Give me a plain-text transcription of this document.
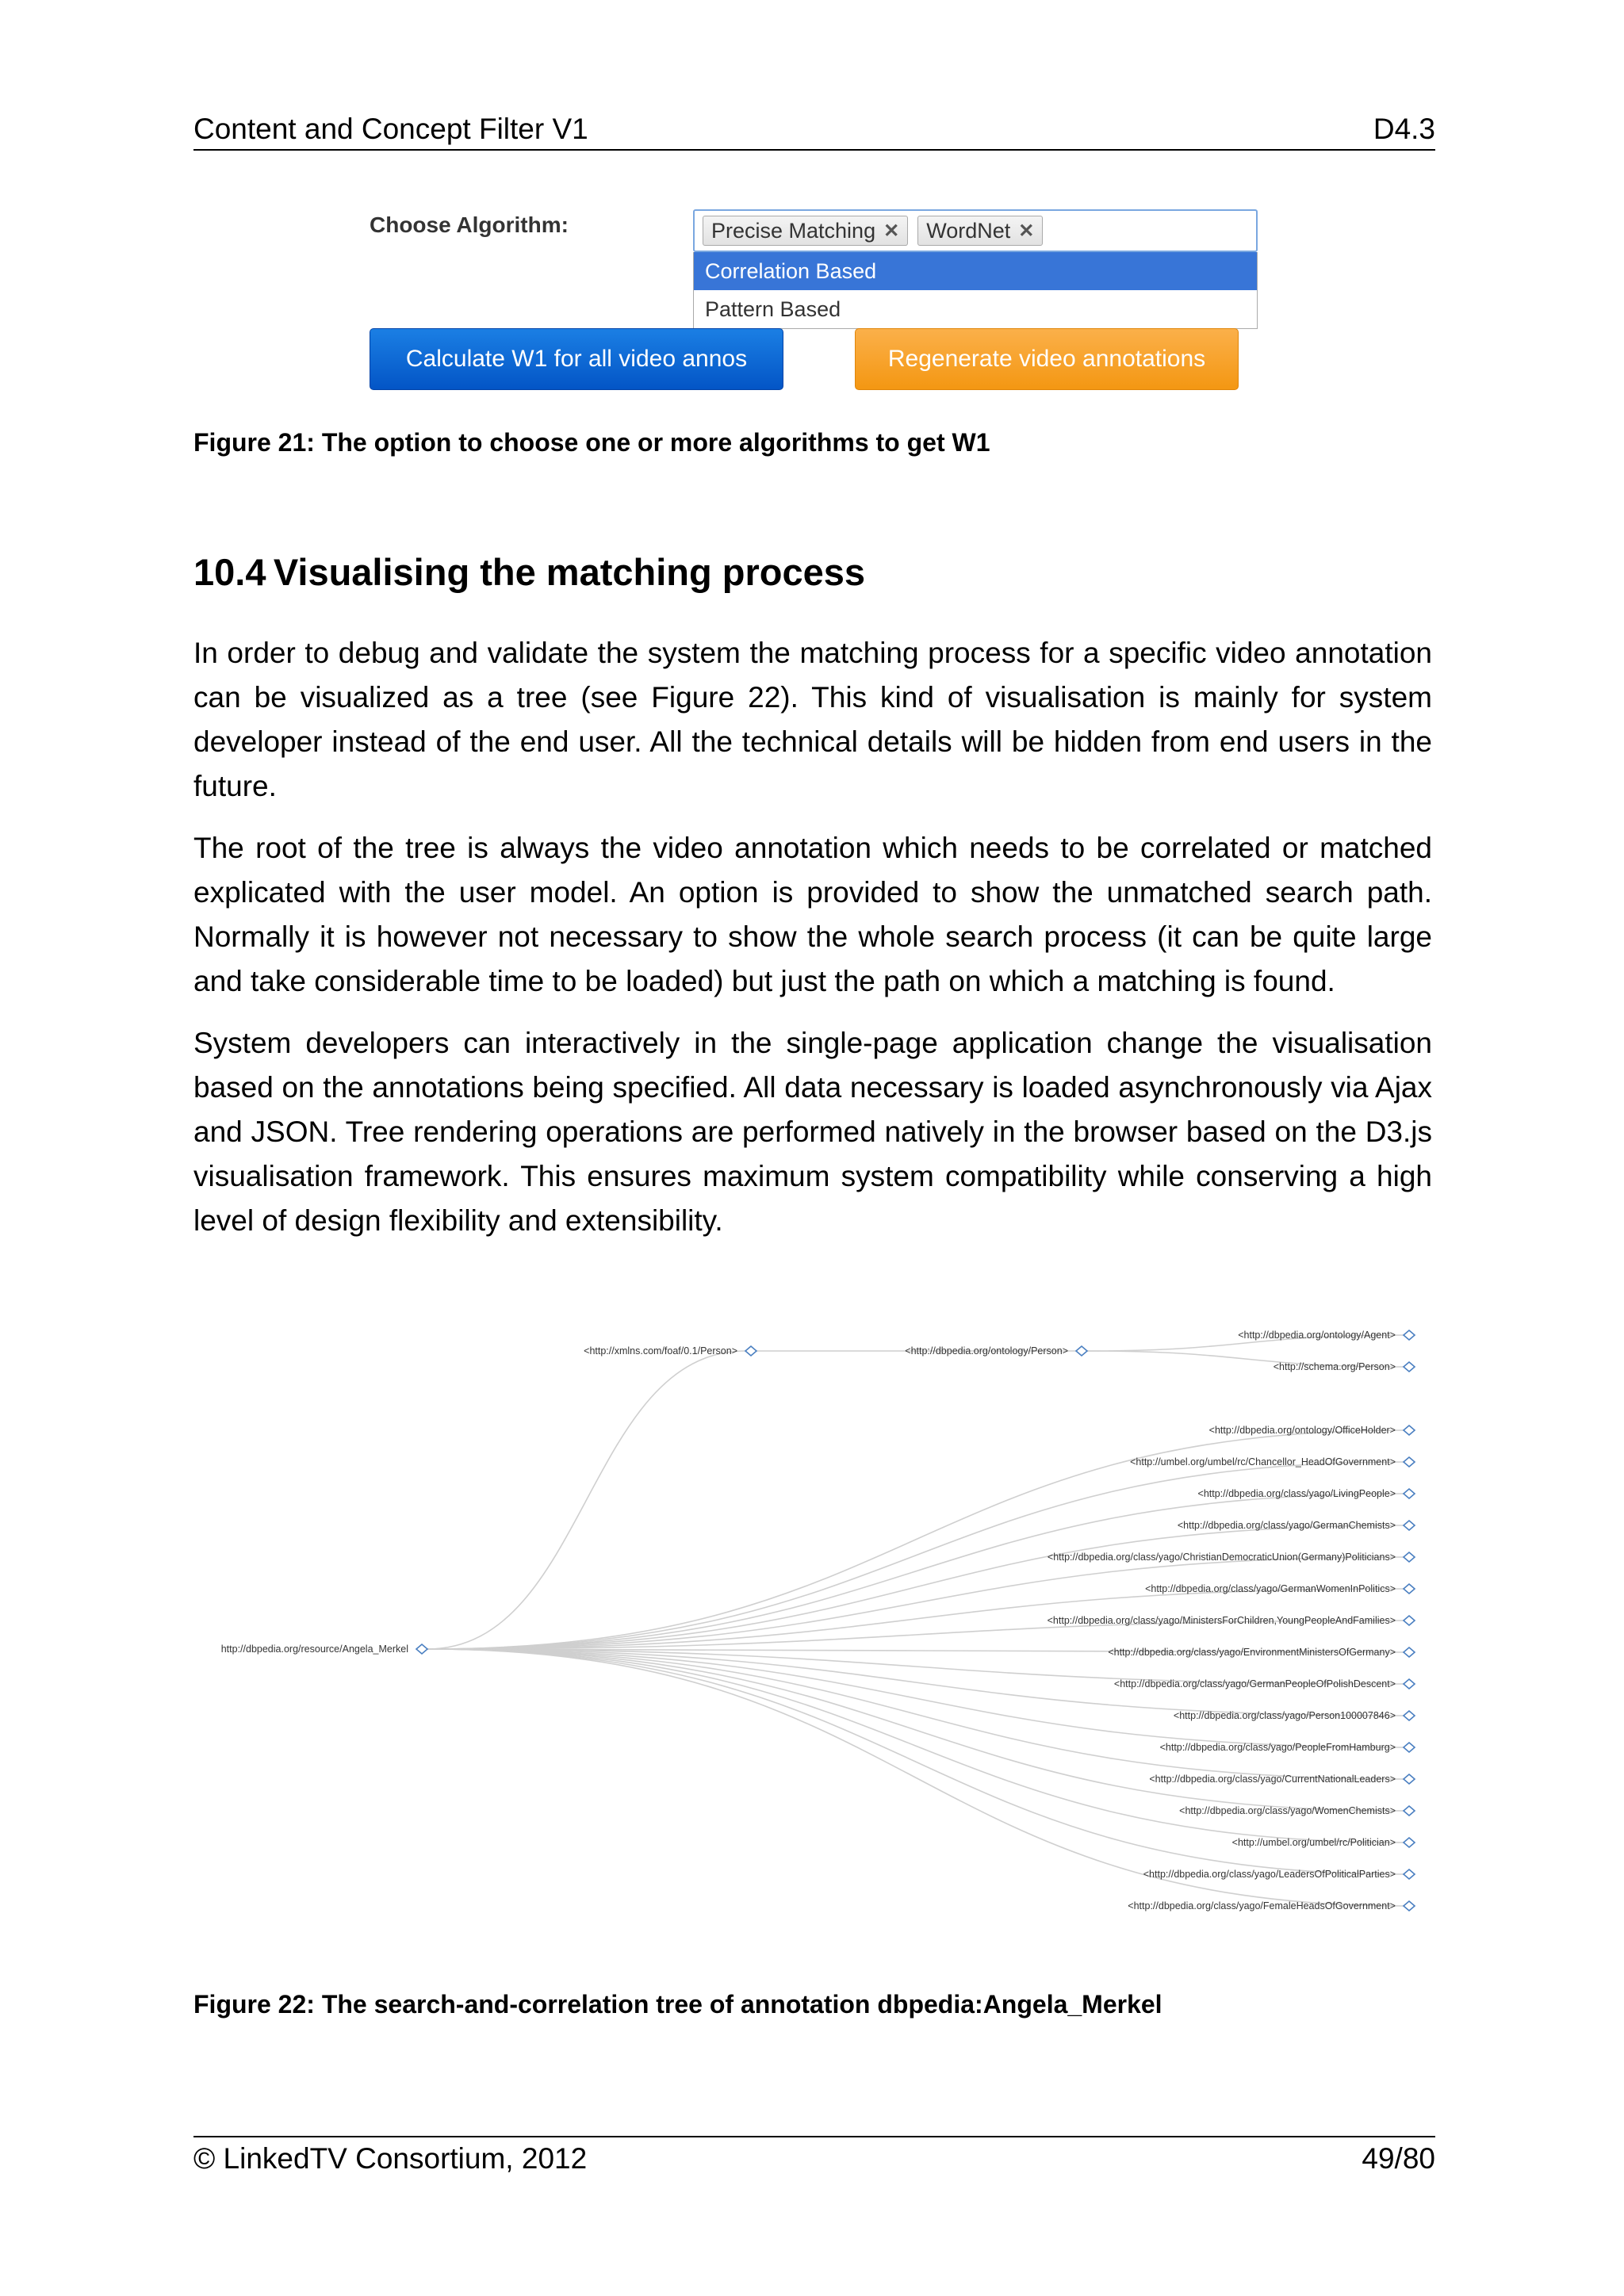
Content and Concept Filter V1	D4.3
Choose Algorithm:	Precise Matching ✕ WordNet ✕
Correlation Based
Pattern Based
Calculate W1 for all video annos	Regenerate video annotations
Figure 21: The option to choose one or more algorithms to get W1
10.4 Visualising the matching process

In order to debug and validate the system the matching process for a specific video annotation can be visualized as a tree (see Figure 22). This kind of visualisation is mainly for system developer instead of the end user. All the technical details will be hidden from end users in the future.

The root of the tree is always the video annotation which needs to be correlated or matched explicated with the user model. An option is provided to show the unmatched search path. Normally it is however not necessary to show the whole search process (it can be quite large and take considerable time to be loaded) but just the path on which a matching is found.

System developers can interactively in the single-page application change the visualisation based on the annotations being specified. All data necessary is loaded asynchronously via Ajax and JSON. Tree rendering operations are performed natively in the browser based on the D3.js visualisation framework. This ensures maximum system compatibility while conserving a high level of design flexibility and extensibility.

http://dbpedia.org/resource/Angela_Merkel
<http://xmlns.com/foaf/0.1/Person>	<http://dbpedia.org/ontology/Person>
<http://dbpedia.org/ontology/Agent>
<http://schema.org/Person>
<http://dbpedia.org/ontology/OfficeHolder>
<http://umbel.org/umbel/rc/Chancellor_HeadOfGovernment>
<http://dbpedia.org/class/yago/LivingPeople>
<http://dbpedia.org/class/yago/GermanChemists>
<http://dbpedia.org/class/yago/ChristianDemocraticUnion(Germany)Politicians>
<http://dbpedia.org/class/yago/GermanWomenInPolitics>
<http://dbpedia.org/class/yago/MinistersForChildren,YoungPeopleAndFamilies>
<http://dbpedia.org/class/yago/EnvironmentMinistersOfGermany>
<http://dbpedia.org/class/yago/GermanPeopleOfPolishDescent>
<http://dbpedia.org/class/yago/Person100007846>
<http://dbpedia.org/class/yago/PeopleFromHamburg>
<http://dbpedia.org/class/yago/CurrentNationalLeaders>
<http://dbpedia.org/class/yago/WomenChemists>
<http://umbel.org/umbel/rc/Politician>
<http://dbpedia.org/class/yago/LeadersOfPoliticalParties>
<http://dbpedia.org/class/yago/FemaleHeadsOfGovernment>
Figure 22: The search-and-correlation tree of annotation dbpedia:Angela_Merkel
© LinkedTV Consortium, 2012	49/80
